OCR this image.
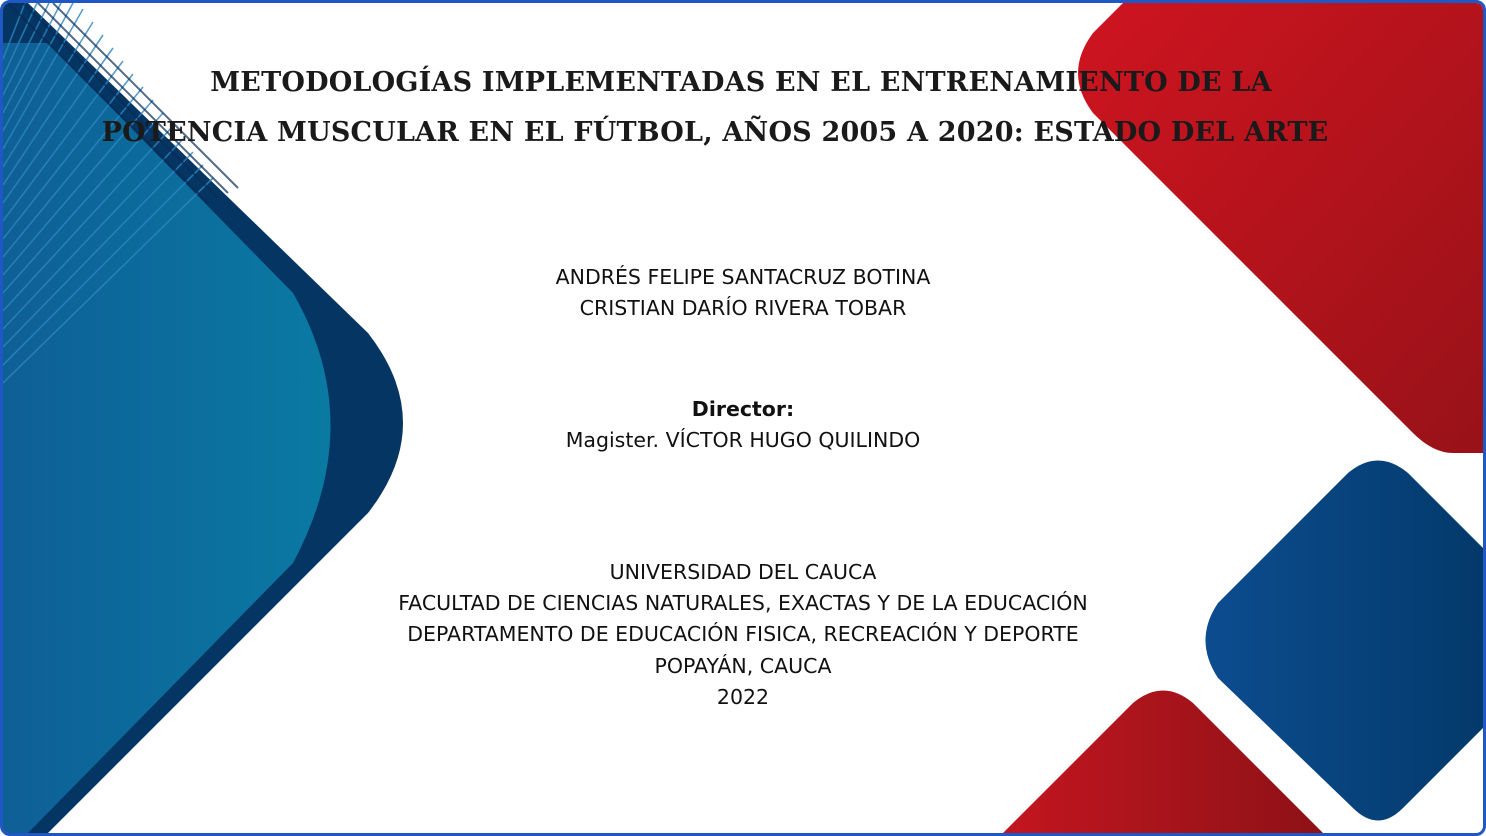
METODOLOGÍAS IMPLEMENTADAS EN EL ENTRENAMIENTO DE LA
POTENCIA MUSCULAR EN EL FÚTBOL, AÑOS 2005 A 2020: ESTADO DEL ARTE
ANDRÉS FELIPE SANTACRUZ BOTINA
CRISTIAN DARÍO RIVERA TOBAR
Director:
Magister. VÍCTOR HUGO QUILINDO
UNIVERSIDAD DEL CAUCA
FACULTAD DE CIENCIAS NATURALES, EXACTAS Y DE LA EDUCACIÓN
DEPARTAMENTO DE EDUCACIÓN FISICA, RECREACIÓN Y DEPORTE
POPAYÁN, CAUCA
2022
